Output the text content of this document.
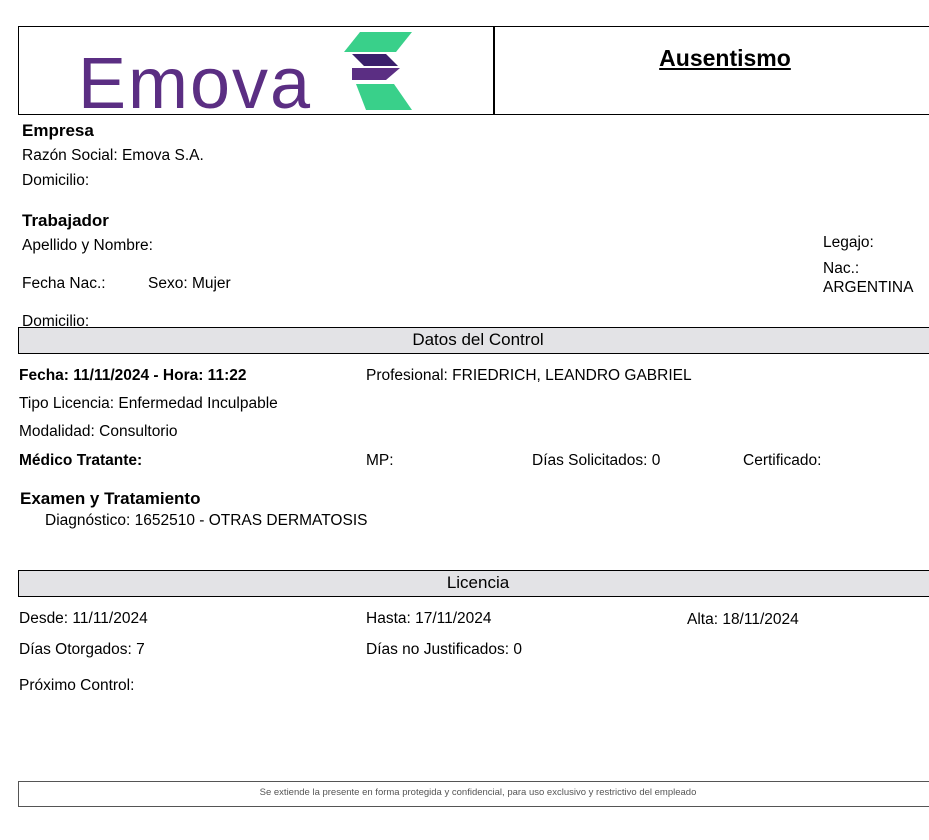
Emova	Ausentismo
Empresa
Razón Social: Emova S.A.
Domicilio:
Trabajador
Apellido y Nombre:	Legajo:
Fecha Nac.:	Sexo: Mujer
Nac.:
ARGENTINA
Domicilio:
Datos del Control
Fecha: 11/11/2024 - Hora: 11:22	Profesional: FRIEDRICH, LEANDRO GABRIEL
Tipo Licencia: Enfermedad Inculpable
Modalidad: Consultorio
Médico Tratante:	MP:	Días Solicitados: 0	Certificado:
Examen y Tratamiento
Diagnóstico: 1652510 - OTRAS DERMATOSIS
Licencia
Desde: 11/11/2024	Hasta: 17/11/2024	Alta: 18/11/2024
Días Otorgados: 7	Días no Justificados: 0
Próximo Control:
Se extiende la presente en forma protegida y confidencial, para uso exclusivo y restrictivo del empleado
